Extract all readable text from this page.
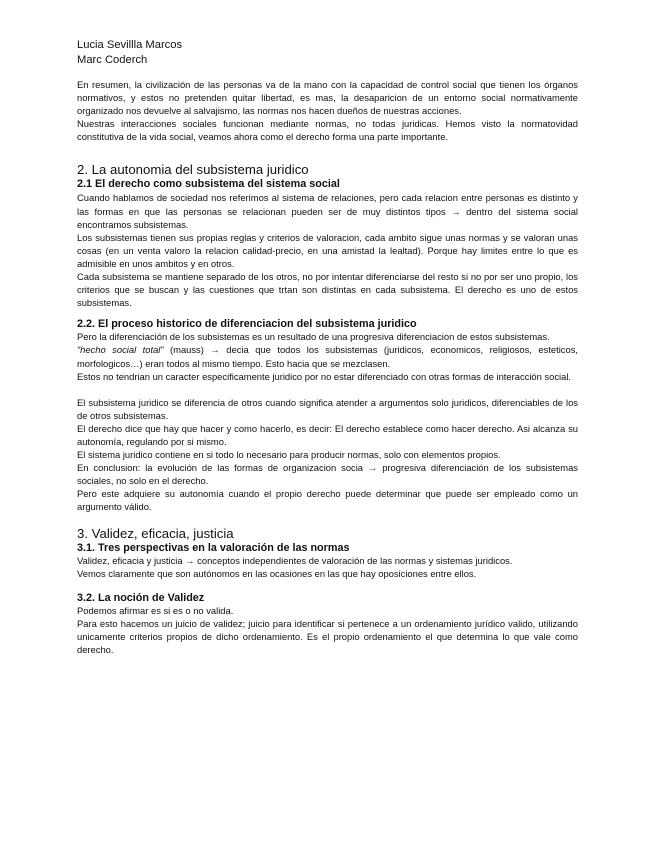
Lucia Sevillla Marcos
Marc Coderch

En resumen, la civilización de las personas va de la mano con la capacidad de control social que tienen los órganos normativos, y estos no pretenden quitar libertad, es mas, la desaparicion de un entorno social normativamente organizado nos devuelve al salvajismo, las normas nos hacen dueños de nuestras acciones.

Nuestras interacciones sociales funcionan mediante normas, no todas juridicas. Hemos visto la normatovidad constitutiva de la vida social, veamos ahora como el derecho forma una parte importante.

2. La autonomia del subsistema juridico
2.1 El derecho como subsistema del sistema social

Cuando hablamos de sociedad nos referimos al sistema de relaciones, pero cada relacion entre personas es distinto y las formas en que las personas se relacionan pueden ser de muy distintos tipos → dentro del sistema social encontramos subsistemas.

Los subsistemas tienen sus propias reglas y criterios de valoracion, cada ambito sigue unas normas y se valoran unas cosas (en un venta valoro la relacion calidad-precio, en una amistad la lealtad). Porque hay limites entre lo que es admisible en unos ambitos y en otros.

Cada subsistema se mantiene separado de los otros, no por intentar diferenciarse del resto si no por ser uno propio, los criterios que se buscan y las cuestiones que trtan son distintas en cada subsistema. El derecho es uno de estos subsistemas.

2.2. El proceso historico de diferenciacion del subsistema juridico

Pero la diferenciación de los subsistemas es un resultado de una progresiva diferenciacion de estos subsistemas.

“hecho social total” (mauss) → decia que todos los subsistemas (juridicos, economicos, religiosos, esteticos, morfologicos…) eran todos al mismo tiempo. Esto hacia que se mezclasen.

Estos no tendrian un caracter especificamente juridico por no estar diferenciado con otras formas de interacción social.

El subsistema juridico se diferencia de otros cuando significa atender a argumentos solo juridicos, diferenciables de los de otros subsistemas.

El derecho dice que hay que hacer y como hacerlo, es decir: El derecho establece como hacer derecho. Asi alcanza su autonomía, regulando por si mismo.

El sistema juridico contiene en si todo lo necesario para producir normas, solo con elementos propios.

En conclusion: la evolución de las formas de organizacion socia → progresiva diferenciación de los subsistemas sociales, no solo en el derecho.

Pero este adquiere su autonomía cuando el propio derecho puede determinar que puede ser empleado como un argumento válido.

3. Validez, eficacia, justicia
3.1. Tres perspectivas en la valoración de las normas

Validez, eficacia y justicia → conceptos independientes de valoración de las normas y sistemas juridicos.

Vemos claramente que son autónomos en las ocasiones en las que hay oposiciones entre ellos.

3.2. La noción de Validez

Podemos afirmar es si es o no valida.

Para esto hacemos un juicio de validez; juicio para identificar si pertenece a un ordenamiento jurídico valido, utilizando unicamente criterios propios de dicho ordenamiento. Es el propio ordenamiento el que determina lo que vale como derecho.
